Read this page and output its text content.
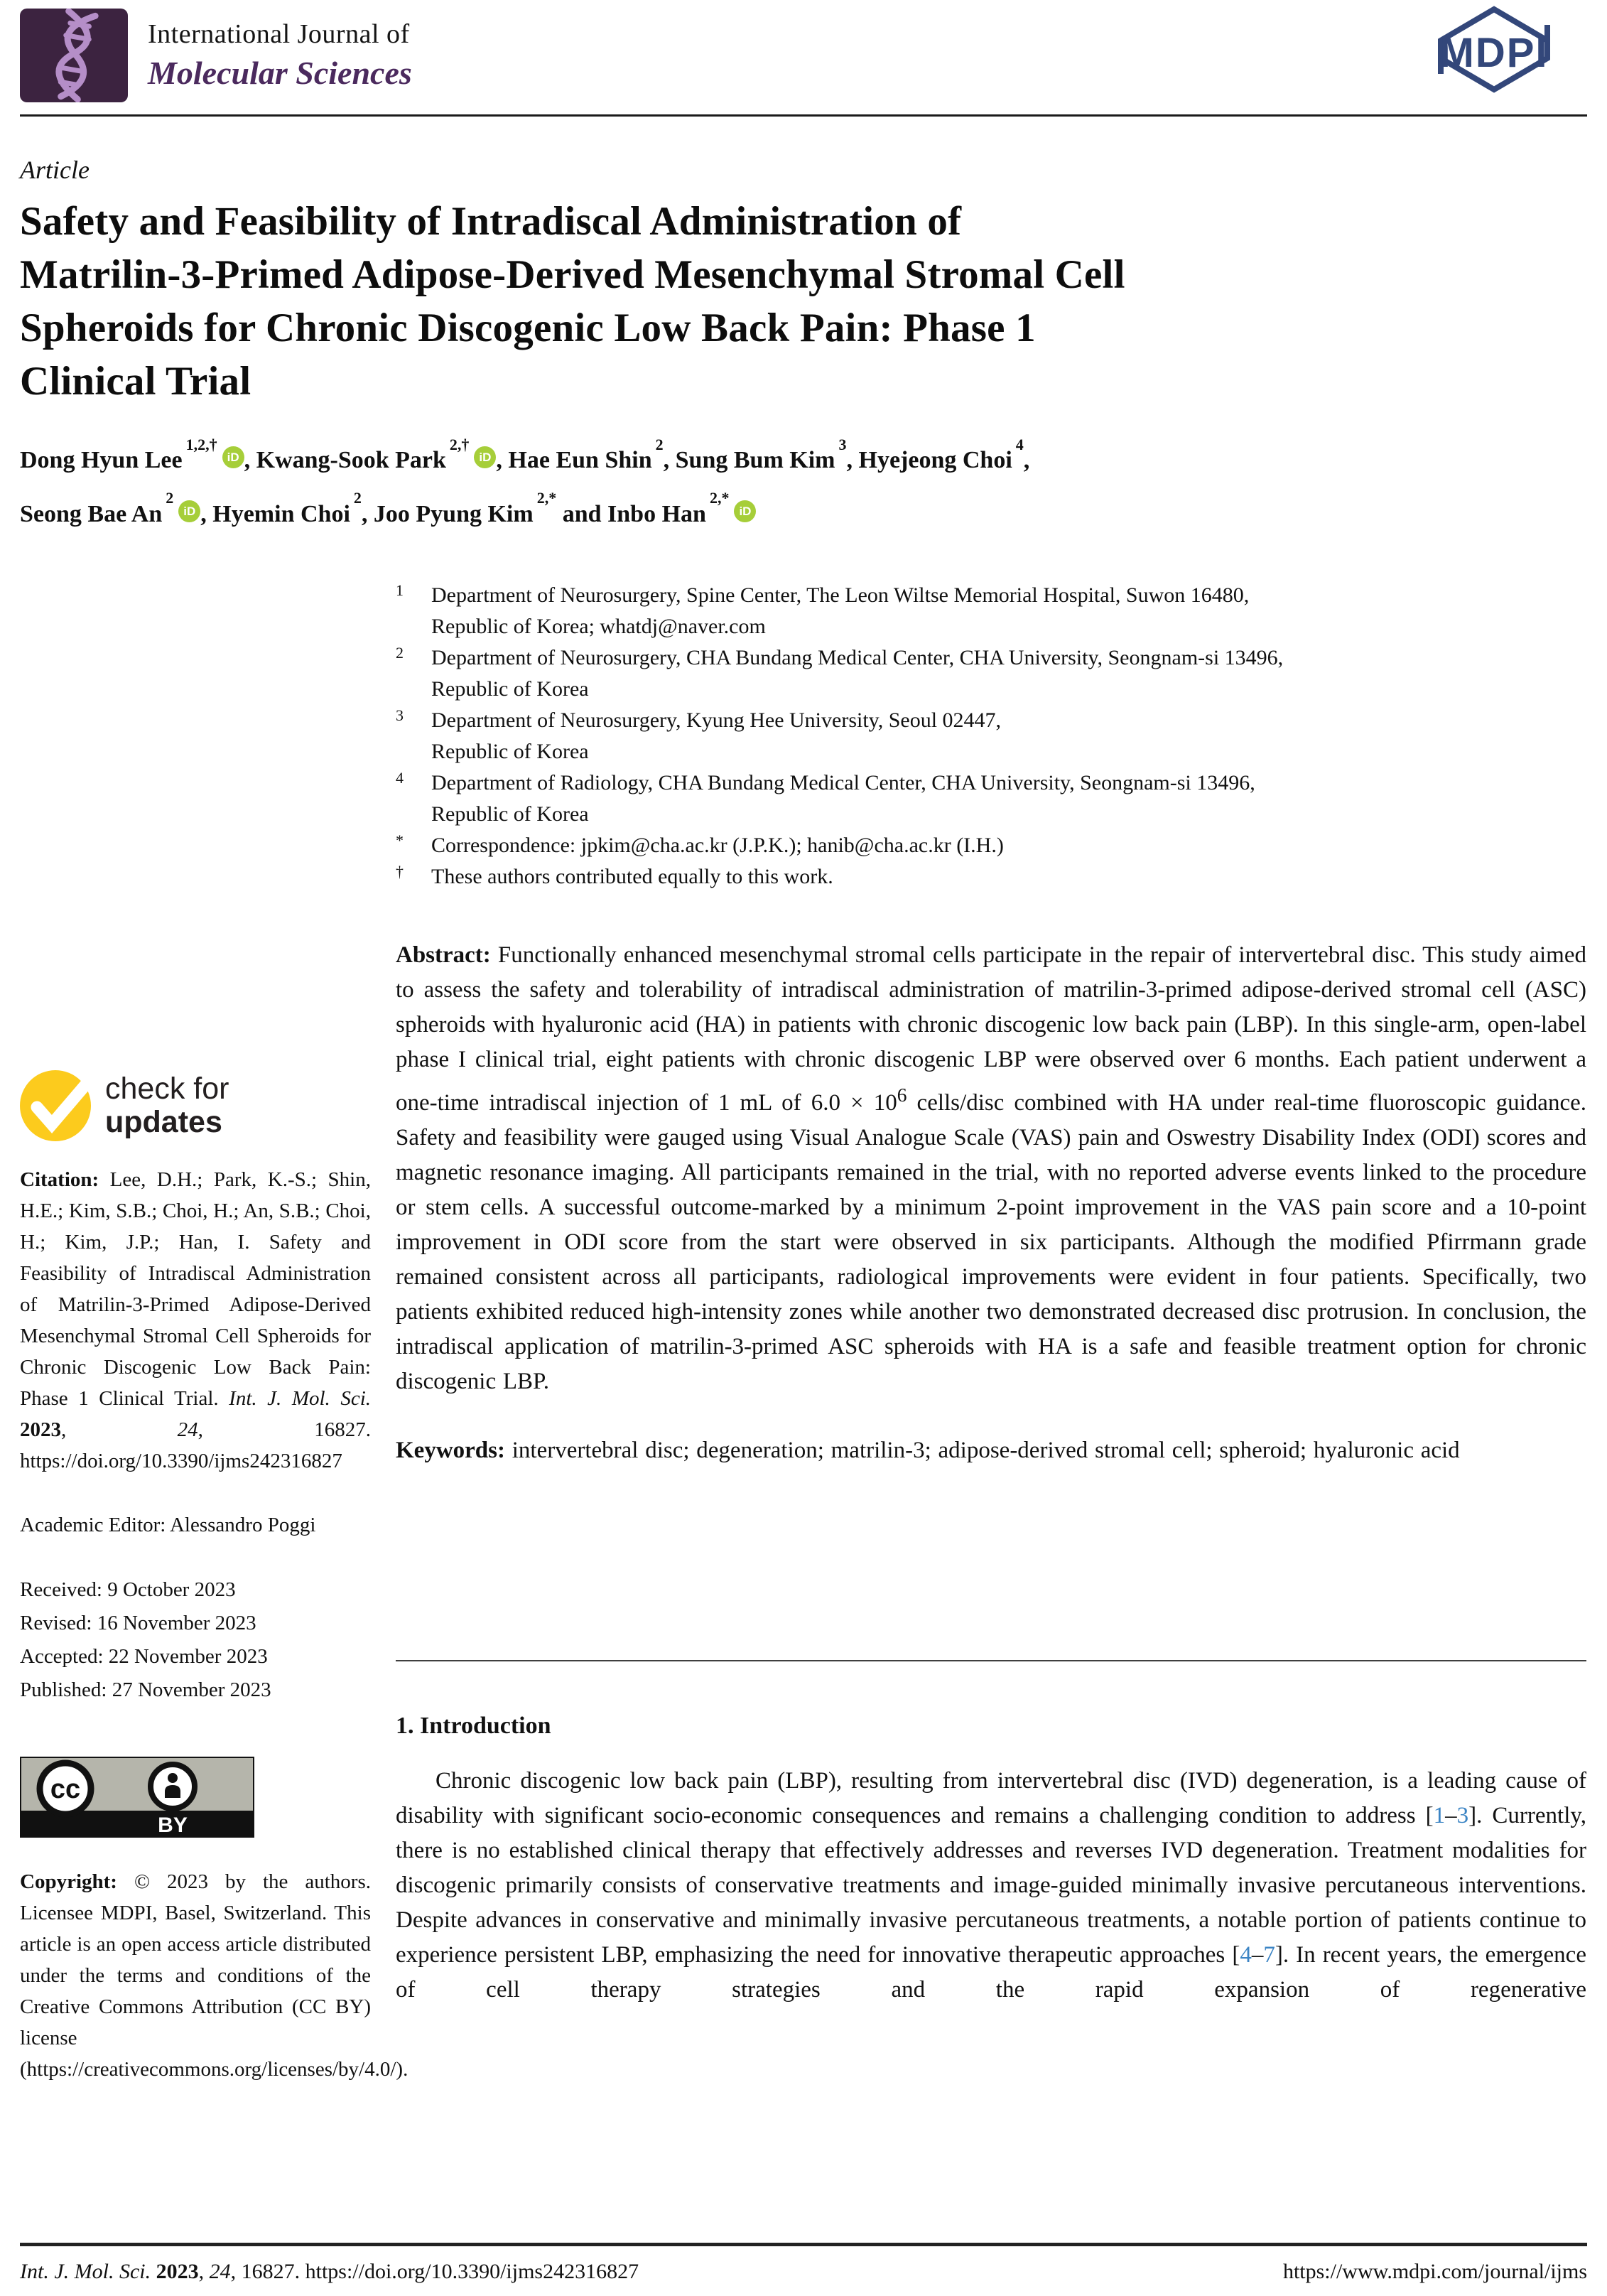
International Journal of
Molecular Sciences	MDPI
Article
Safety and Feasibility of Intradiscal Administration of
Matrilin-3-Primed Adipose-Derived Mesenchymal Stromal Cell
Spheroids for Chronic Discogenic Low Back Pain: Phase 1
Clinical Trial
Dong Hyun Lee$^{1,2,\dagger}$iD , Kwang-Sook Park$^{2,\dagger}$iD , Hae Eun Shin$^2$, Sung Bum Kim$^3$, Hyejeong Choi$^4$,
Seong Bae An$^2$iD , Hyemin Choi$^2$, Joo Pyung Kim$^{2,*}$ and Inbo Han$^{2,*}$iD
1	Department of Neurosurgery, Spine Center, The Leon Wiltse Memorial Hospital, Suwon 16480,
Republic of Korea; whatdj@naver.com
2	Department of Neurosurgery, CHA Bundang Medical Center, CHA University, Seongnam-si 13496,
Republic of Korea
3	Department of Neurosurgery, Kyung Hee University, Seoul 02447,
Republic of Korea
4	Department of Radiology, CHA Bundang Medical Center, CHA University, Seongnam-si 13496,
Republic of Korea
*	Correspondence: jpkim@cha.ac.kr (J.P.K.); hanib@cha.ac.kr (I.H.)
†	These authors contributed equally to this work.

Abstract: Functionally enhanced mesenchymal stromal cells participate in the repair of intervertebral disc. This study aimed to assess the safety and tolerability of intradiscal administration of matrilin-3-primed adipose-derived stromal cell (ASC) spheroids with hyaluronic acid (HA) in patients with chronic discogenic low back pain (LBP). In this single-arm, open-label phase I clinical trial, eight patients with chronic discogenic LBP were observed over 6 months. Each patient underwent a one-time intradiscal injection of 1 mL of $6.0 \times 10^6$ cells/disc combined with HA under real-time fluoroscopic guidance. Safety and feasibility were gauged using Visual Analogue Scale (VAS) pain and Oswestry Disability Index (ODI) scores and magnetic resonance imaging. All participants remained in the trial, with no reported adverse events linked to the procedure or stem cells. A successful outcome-marked by a minimum 2-point improvement in the VAS pain score and a 10-point improvement in ODI score from the start were observed in six participants. Although the modified Pfirrmann grade remained consistent across all participants, radiological improvements were evident in four patients. Specifically, two patients exhibited reduced high-intensity zones while another two demonstrated decreased disc protrusion. In conclusion, the intradiscal application of matrilin-3-primed ASC spheroids with HA is a safe and feasible treatment option for chronic discogenic LBP.

Keywords: intervertebral disc; degeneration; matrilin-3; adipose-derived stromal cell; spheroid; hyaluronic acid

1. Introduction

Chronic discogenic low back pain (LBP), resulting from intervertebral disc (IVD) degeneration, is a leading cause of disability with significant socio-economic consequences and remains a challenging condition to address [1–3]. Currently, there is no established clinical therapy that effectively addresses and reverses IVD degeneration. Treatment modalities for discogenic primarily consists of conservative treatments and image-guided minimally invasive percutaneous interventions. Despite advances in conservative and minimally invasive percutaneous treatments, a notable portion of patients continue to experience persistent LBP, emphasizing the need for innovative therapeutic approaches [4–7]. In recent years, the emergence of cell therapy strategies and the rapid expansion of regenerative

check for
updates

Citation: Lee, D.H.; Park, K.-S.; Shin, H.E.; Kim, S.B.; Choi, H.; An, S.B.; Choi, H.; Kim, J.P.; Han, I. Safety and Feasibility of Intradiscal Administration of Matrilin-3-Primed Adipose-Derived Mesenchymal Stromal Cell Spheroids for Chronic Discogenic Low Back Pain: Phase 1 Clinical Trial. Int. J. Mol. Sci. 2023, 24, 16827. https://doi.org/10.3390/ijms242316827

Academic Editor: Alessandro Poggi

Received: 9 October 2023
Revised: 16 November 2023
Accepted: 22 November 2023
Published: 27 November 2023
cc
BY

Copyright: © 2023 by the authors. Licensee MDPI, Basel, Switzerland. This article is an open access article distributed under the terms and conditions of the Creative Commons Attribution (CC BY) license (https://creativecommons.org/licenses/by/4.0/).

Int. J. Mol. Sci. 2023, 24, 16827. https://doi.org/10.3390/ijms242316827	https://www.mdpi.com/journal/ijms
